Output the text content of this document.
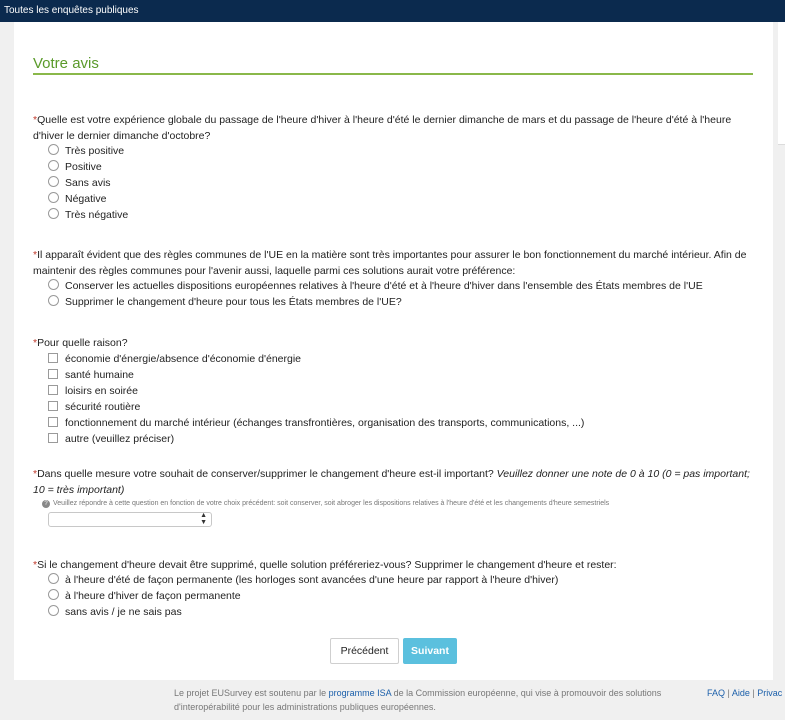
Toutes les enquêtes publiques
Votre avis
*Quelle est votre expérience globale du passage de l'heure d'hiver à l'heure d'été le dernier dimanche de mars et du passage de l'heure d'été à l'heure d'hiver le dernier dimanche d'octobre?
Très positive
Positive
Sans avis
Négative
Très négative
*Il apparaît évident que des règles communes de l'UE en la matière sont très importantes pour assurer le bon fonctionnement du marché intérieur. Afin de maintenir des règles communes pour l'avenir aussi, laquelle parmi ces solutions aurait votre préférence:
Conserver les actuelles dispositions européennes relatives à l'heure d'été et à l'heure d'hiver dans l'ensemble des États membres de l'UE
Supprimer le changement d'heure pour tous les États membres de l'UE?
*Pour quelle raison?
économie d'énergie/absence d'économie d'énergie
santé humaine
loisirs en soirée
sécurité routière
fonctionnement du marché intérieur (échanges transfrontières, organisation des transports, communications, ...)
autre (veuillez préciser)
*Dans quelle mesure votre souhait de conserver/supprimer le changement d'heure est-il important? Veuillez donner une note de 0 à 10 (0 = pas important; 10 = très important)
? Veuillez répondre à cette question en fonction de votre choix précédent: soit conserver, soit abroger les dispositions relatives à l'heure d'été et les changements d'heure semestriels
▲
▼
*Si le changement d'heure devait être supprimé, quelle solution préféreriez-vous? Supprimer le changement d'heure et rester:
à l'heure d'été de façon permanente (les horloges sont avancées d'une heure par rapport à l'heure d'hiver)
à l'heure d'hiver de façon permanente
sans avis / je ne sais pas
Précédent	Suivant
Le projet EUSurvey est soutenu par le programme ISA de la Commission européenne, qui vise à promouvoir des solutions d'interopérabilité pour les administrations publiques européennes.
FAQ | Aide | Privac
